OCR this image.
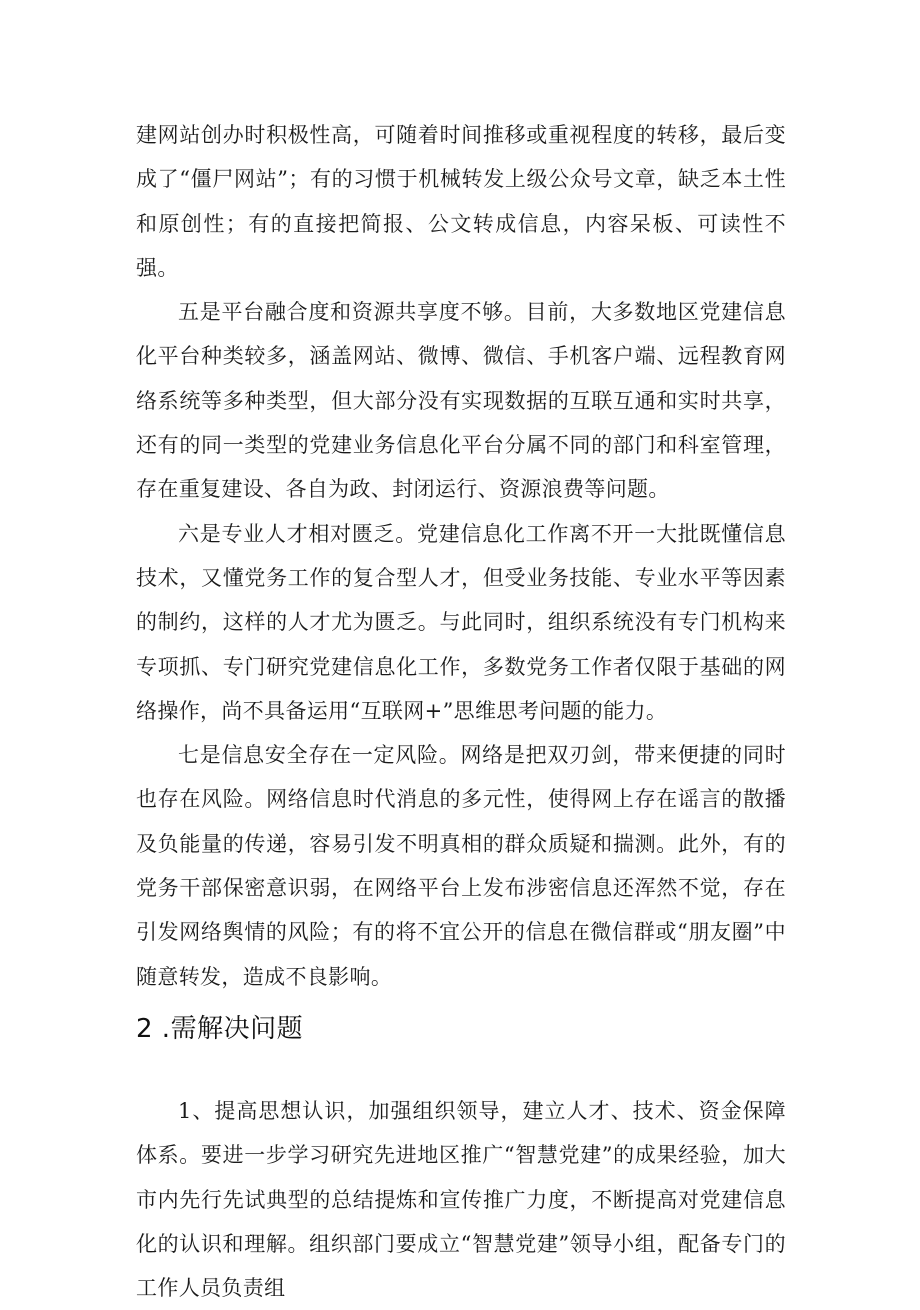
建网站创办时积极性高，可随着时间推移或重视程度的转移，最后变成了“僵尸网站”；有的习惯于机械转发上级公众号文章，缺乏本土性和原创性；有的直接把简报、公文转成信息，内容呆板、可读性不强。

五是平台融合度和资源共享度不够。目前，大多数地区党建信息化平台种类较多，涵盖网站、微博、微信、手机客户端、远程教育网络系统等多种类型，但大部分没有实现数据的互联互通和实时共享，还有的同一类型的党建业务信息化平台分属不同的部门和科室管理，存在重复建设、各自为政、封闭运行、资源浪费等问题。

六是专业人才相对匮乏。党建信息化工作离不开一大批既懂信息技术，又懂党务工作的复合型人才，但受业务技能、专业水平等因素的制约，这样的人才尤为匮乏。与此同时，组织系统没有专门机构来专项抓、专门研究党建信息化工作，多数党务工作者仅限于基础的网络操作，尚不具备运用“互联网+”思维思考问题的能力。

七是信息安全存在一定风险。网络是把双刃剑，带来便捷的同时也存在风险。网络信息时代消息的多元性，使得网上存在谣言的散播及负能量的传递，容易引发不明真相的群众质疑和揣测。此外，有的党务干部保密意识弱，在网络平台上发布涉密信息还浑然不觉，存在引发网络舆情的风险；有的将不宜公开的信息在微信群或“朋友圈”中随意转发，造成不良影响。

2 .需解决问题

1、提高思想认识，加强组织领导，建立人才、技术、资金保障体系。要进一步学习研究先进地区推广“智慧党建”的成果经验，加大市内先行先试典型的总结提炼和宣传推广力度，不断提高对党建信息化的认识和理解。组织部门要成立“智慧党建”领导小组，配备专门的工作人员负责组
